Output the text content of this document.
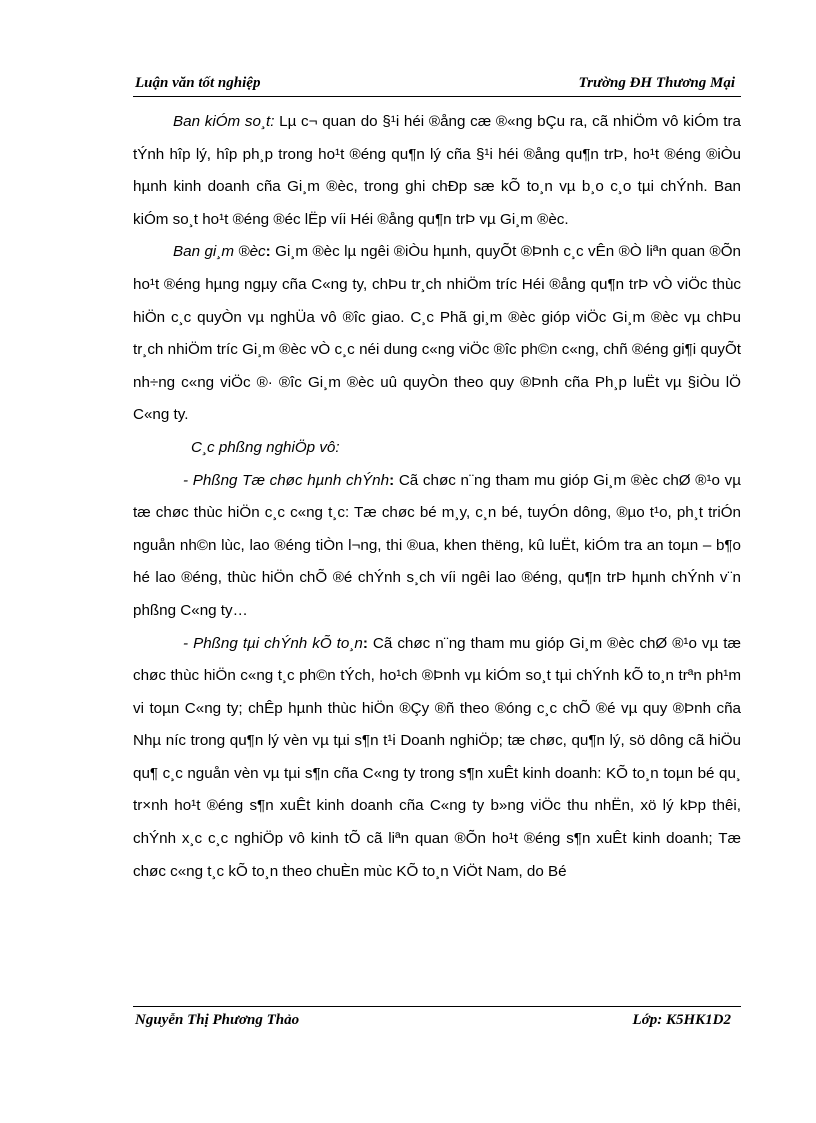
Luận văn tốt nghiệp	Trường ĐH Thương Mại

Ban kiÓm so¸t: Lµ c¬ quan do §¹i héi ®ång cæ ®«ng bÇu ra, cã nhiÖm vô kiÓm tra tÝnh hîp lý, hîp ph¸p trong ho¹t ®éng qu¶n lý cña §¹i héi ®ång qu¶n trÞ, ho¹t ®éng ®iÒu hµnh kinh doanh cña Gi¸m ®èc, trong ghi chÐp sæ kÕ to¸n vµ b¸o c¸o tµi chÝnh. Ban kiÓm so¸t ho¹t ®éng ®éc lËp víi Héi ®ång qu¶n trÞ vµ Gi¸m ®èc.

Ban gi¸m ®èc: Gi¸m ®èc lµ ngêi ®iÒu hµnh, quyÕt ®Þnh c¸c vÊn ®Ò liªn quan ®Õn ho¹t ®éng hµng ngµy cña C«ng ty, chÞu tr¸ch nhiÖm tríc Héi ®ång qu¶n trÞ vÒ viÖc thùc hiÖn c¸c quyÒn vµ nghÜa vô ®îc giao. C¸c Phã gi¸m ®èc gióp viÖc Gi¸m ®èc vµ chÞu tr¸ch nhiÖm tríc Gi¸m ®èc vÒ c¸c néi dung c«ng viÖc ®îc ph©n c«ng, chñ ®éng gi¶i quyÕt nh÷ng c«ng viÖc ®· ®îc Gi¸m ®èc uû quyÒn theo quy ®Þnh cña Ph¸p luËt vµ §iÒu lÖ C«ng ty.

C¸c phßng nghiÖp vô:

- Phßng Tæ chøc hµnh chÝnh: Cã chøc n¨ng tham mu gióp Gi¸m ®èc chØ ®¹o vµ tæ chøc thùc hiÖn c¸c c«ng t¸c: Tæ chøc bé m¸y, c¸n bé, tuyÓn dông, ®µo t¹o, ph¸t triÓn nguån nh©n lùc, lao ®éng tiÒn l¬ng, thi ®ua, khen thëng, kû luËt, kiÓm tra an toµn – b¶o hé lao ®éng, thùc hiÖn chÕ ®é chÝnh s¸ch víi ngêi lao ®éng, qu¶n trÞ hµnh chÝnh v¨n phßng C«ng ty…

- Phßng tµi chÝnh kÕ to¸n: Cã chøc n¨ng tham mu gióp Gi¸m ®èc chØ ®¹o vµ tæ chøc thùc hiÖn c«ng t¸c ph©n tÝch, ho¹ch ®Þnh vµ kiÓm so¸t tµi chÝnh kÕ to¸n trªn ph¹m vi toµn C«ng ty; chÊp hµnh thùc hiÖn ®Çy ®ñ theo ®óng c¸c chÕ ®é vµ quy ®Þnh cña Nhµ níc trong qu¶n lý vèn vµ tµi s¶n t¹i Doanh nghiÖp; tæ chøc, qu¶n lý, sö dông cã hiÖu qu¶ c¸c nguån vèn vµ tµi s¶n cña C«ng ty trong s¶n xuÊt kinh doanh: KÕ to¸n toµn bé qu¸ tr×nh ho¹t ®éng s¶n xuÊt kinh doanh cña C«ng ty b»ng viÖc thu nhËn, xö lý kÞp thêi, chÝnh x¸c c¸c nghiÖp vô kinh tÕ cã liªn quan ®Õn ho¹t ®éng s¶n xuÊt kinh doanh; Tæ chøc c«ng t¸c kÕ to¸n theo chuÈn mùc KÕ to¸n ViÖt Nam, do Bé

Nguyễn Thị Phương Thảo	Lớp: K5HK1D2
